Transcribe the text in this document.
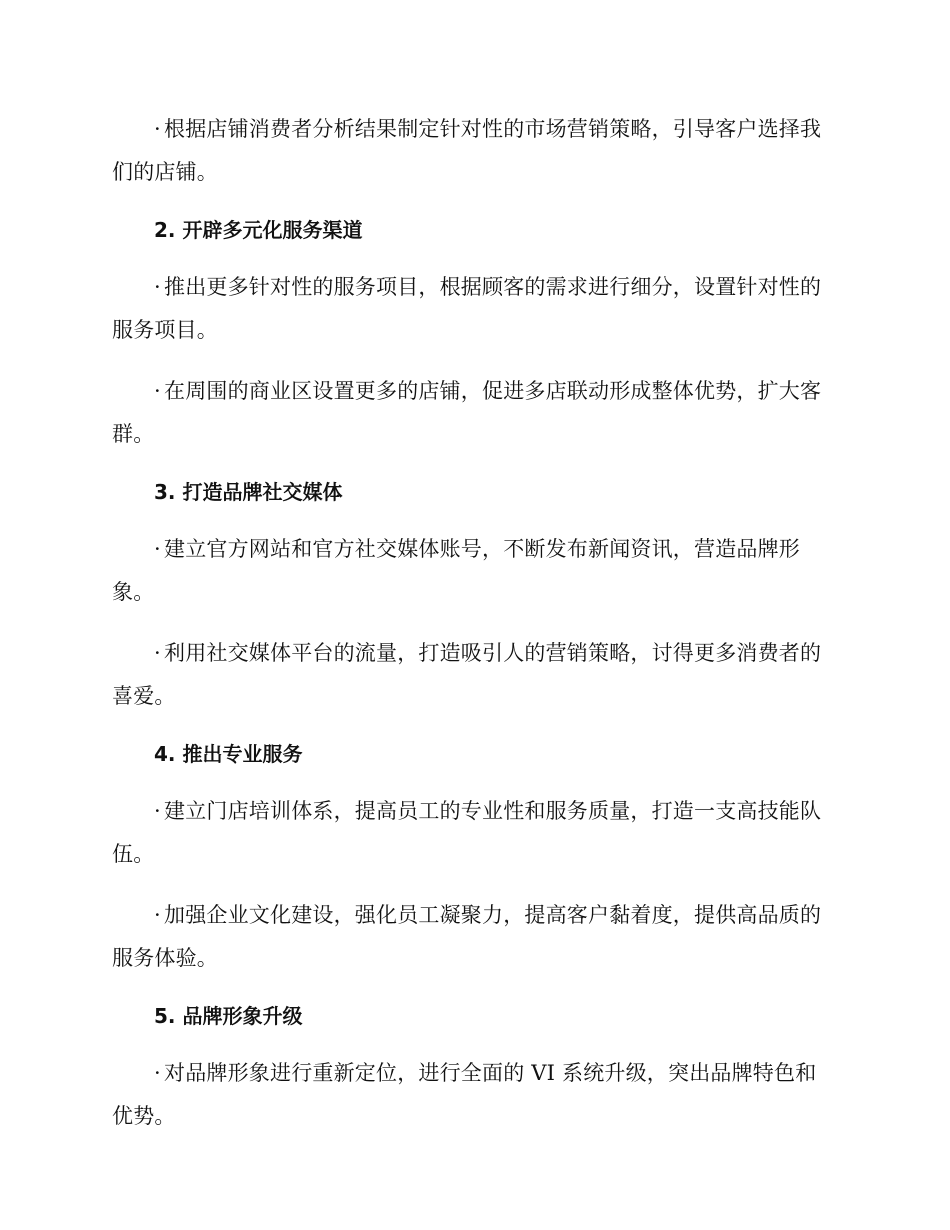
· 根据店铺消费者分析结果制定针对性的市场营销策略，引导客户选择我们的店铺。

2. 开辟多元化服务渠道

· 推出更多针对性的服务项目，根据顾客的需求进行细分，设置针对性的服务项目。

· 在周围的商业区设置更多的店铺，促进多店联动形成整体优势，扩大客群。

3. 打造品牌社交媒体

· 建立官方网站和官方社交媒体账号，不断发布新闻资讯，营造品牌形象。

· 利用社交媒体平台的流量，打造吸引人的营销策略，讨得更多消费者的喜爱。

4. 推出专业服务

· 建立门店培训体系，提高员工的专业性和服务质量，打造一支高技能队伍。

· 加强企业文化建设，强化员工凝聚力，提高客户黏着度，提供高品质的服务体验。

5. 品牌形象升级

· 对品牌形象进行重新定位，进行全面的 VI 系统升级，突出品牌特色和优势。
